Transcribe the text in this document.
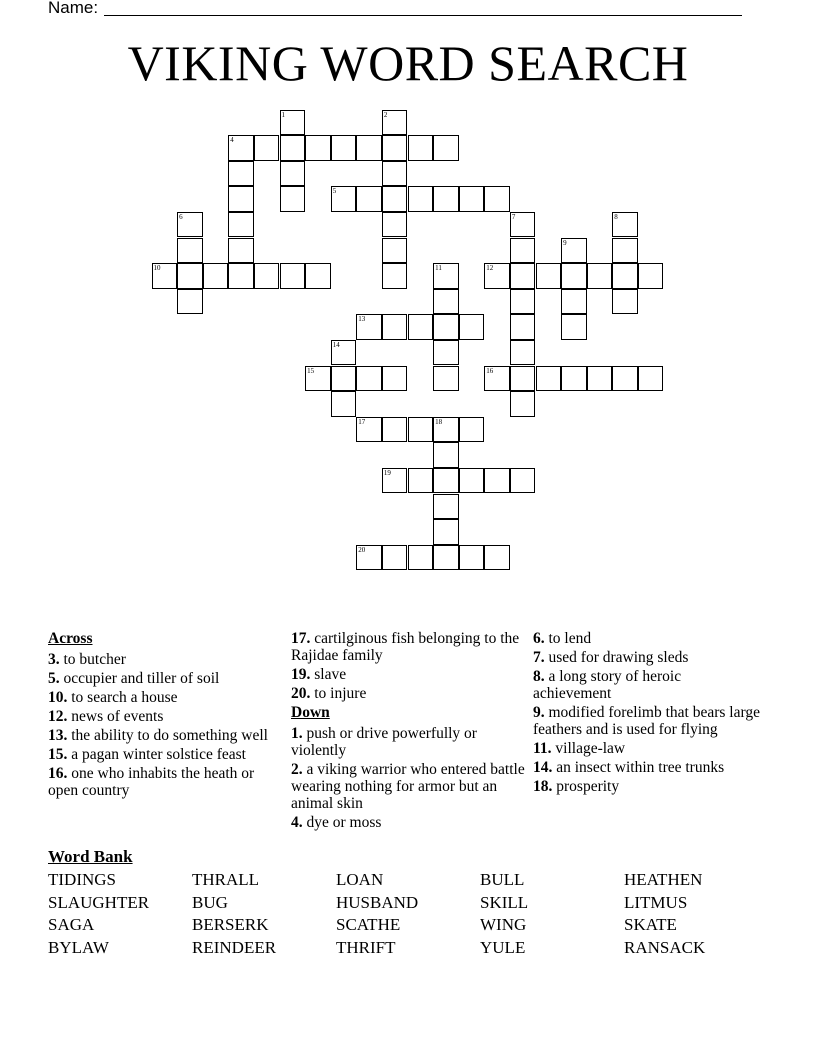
Name:
VIKING WORD SEARCH
4
5
10	12
13
15	16
17	18
19
20
1	2
6	7	8
9
11
14
Across
3. to butcher
5. occupier and tiller of soil
10. to search a house
12. news of events
13. the ability to do something well
15. a pagan winter solstice feast
16. one who inhabits the heath or open country
17. cartilginous fish belonging to the Rajidae family
19. slave
20. to injure
Down
1. push or drive powerfully or violently
2. a viking warrior who entered battle wearing nothing for armor but an animal skin
4. dye or moss
6. to lend
7. used for drawing sleds
8. a long story of heroic achievement
9. modified forelimb that bears large feathers and is used for flying
11. village-law
14. an insect within tree trunks
18. prosperity
Word Bank
TIDINGS	THRALL	LOAN	BULL	HEATHEN
SLAUGHTER	BUG	HUSBAND	SKILL	LITMUS
SAGA	BERSERK	SCATHE	WING	SKATE
BYLAW	REINDEER	THRIFT	YULE	RANSACK
